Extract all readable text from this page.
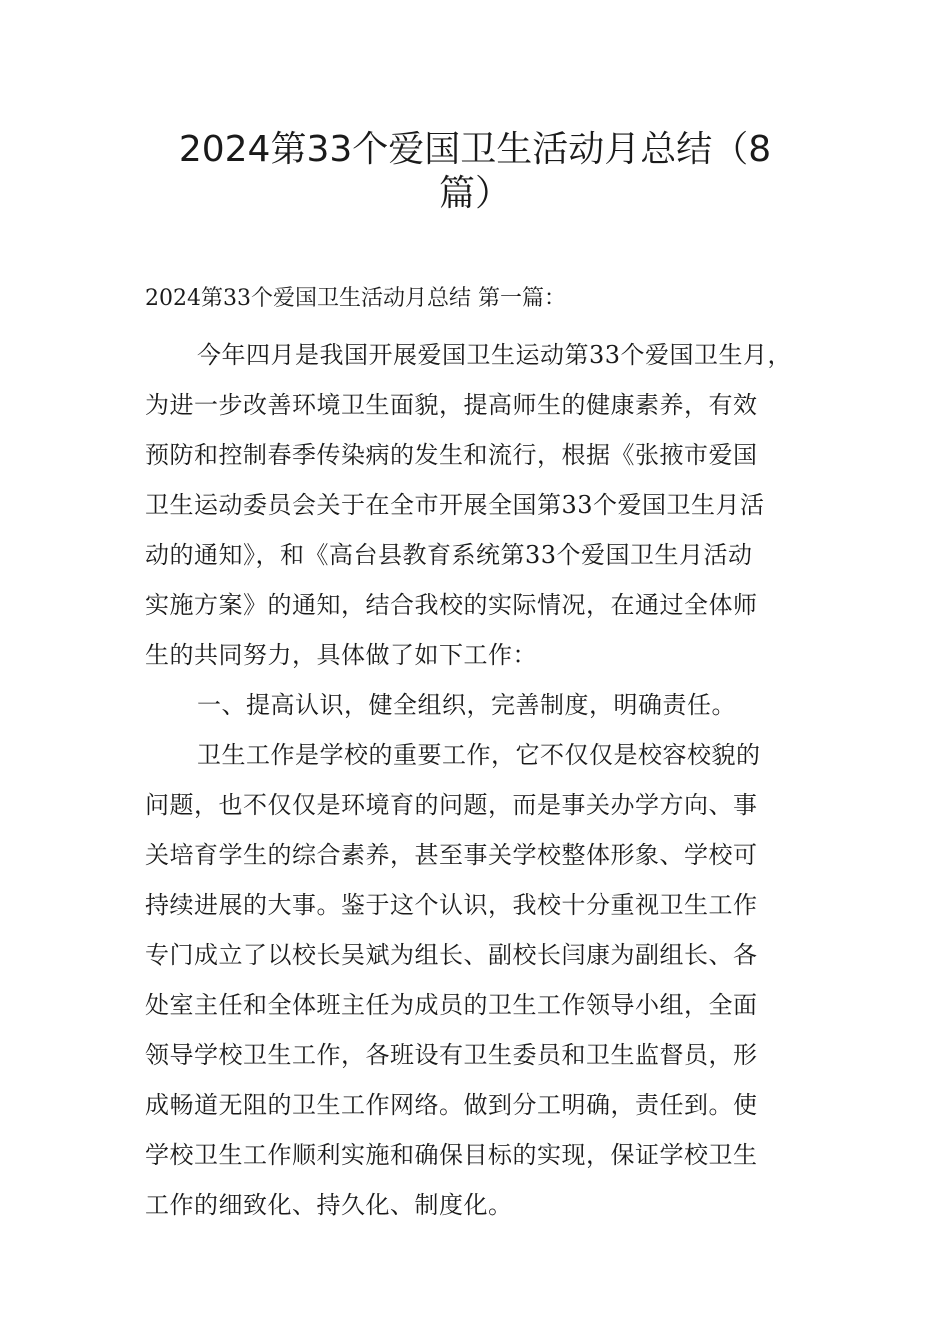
2024第33个爱国卫生活动月总结（8
篇）

2024第33个爱国卫生活动月总结 第一篇：

今年四月是我国开展爱国卫生运动第33个爱国卫生月，
为进一步改善环境卫生面貌，提高师生的健康素养，有效
预防和控制春季传染病的发生和流行，根据《张掖市爱国
卫生运动委员会关于在全市开展全国第33个爱国卫生月活
动的通知》，和《高台县教育系统第33个爱国卫生月活动
实施方案》的通知，结合我校的实际情况，在通过全体师
生的共同努力，具体做了如下工作：
一、提高认识，健全组织，完善制度，明确责任。
卫生工作是学校的重要工作，它不仅仅是校容校貌的
问题，也不仅仅是环境育的问题，而是事关办学方向、事
关培育学生的综合素养，甚至事关学校整体形象、学校可
持续进展的大事。鉴于这个认识，我校十分重视卫生工作
专门成立了以校长吴斌为组长、副校长闫康为副组长、各
处室主任和全体班主任为成员的卫生工作领导小组，全面
领导学校卫生工作，各班设有卫生委员和卫生监督员，形
成畅道无阻的卫生工作网络。做到分工明确，责任到。使
学校卫生工作顺利实施和确保目标的实现，保证学校卫生
工作的细致化、持久化、制度化。
